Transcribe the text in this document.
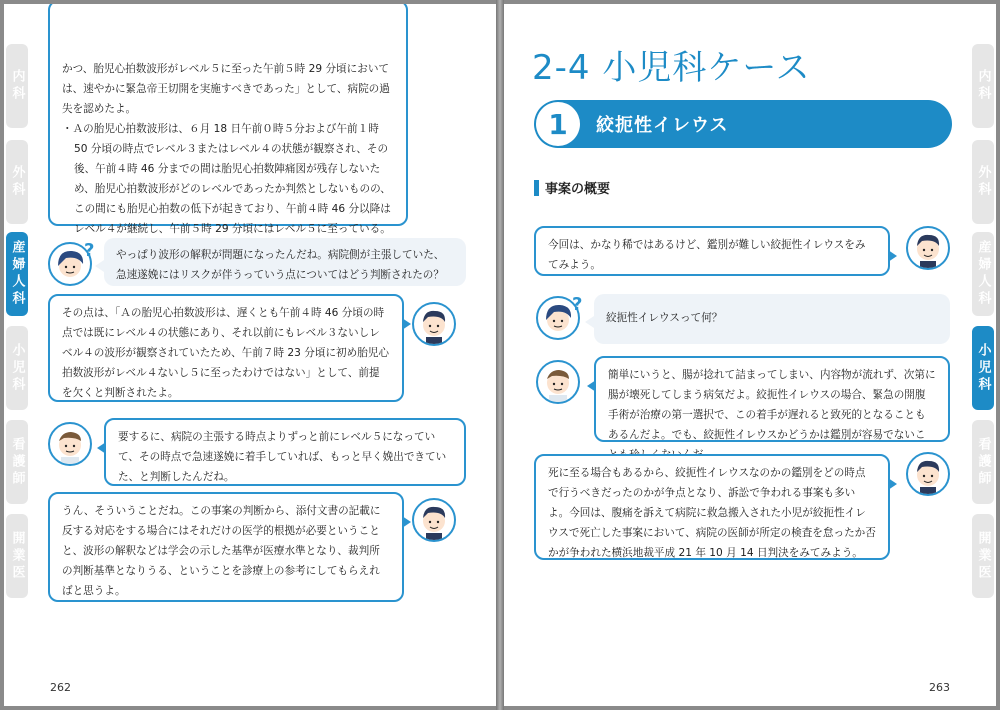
内科
外科
産婦人科
小児科
看護師
開業医

かつ、胎児心拍数波形がレベル５に至った午前５時 29 分頃においては、速やかに緊急帝王切開を実施すべきであった」として、病院の過失を認めたよ。

・Ａの胎児心拍数波形は、６月 18 日午前０時５分および午前１時 50 分頃の時点でレベル３またはレベル４の状態が観察され、その後、午前４時 46 分までの間は胎児心拍数陣痛図が残存しないため、胎児心拍数波形がどのレベルであったか判然としないものの、この間にも胎児心拍数の低下が起きており、午前４時 46 分以降はレベル４が継続し、午前５時 29 分頃にはレベル５に至っている。

? やっぱり波形の解釈が問題になったんだね。病院側が主張していた、急速遂娩にはリスクが伴うっていう点についてはどう判断されたの？

その点は、「Ａの胎児心拍数波形は、遅くとも午前４時 46 分頃の時点では既にレベル４の状態にあり、それ以前にもレベル３ないしレベル４の波形が観察されていたため、午前７時 23 分頃に初め胎児心拍数波形がレベル４ないし５に至ったわけではない」として、前提を欠くと判断されたよ。

要するに、病院の主張する時点よりずっと前にレベル５になっていて、その時点で急速遂娩に着手していれば、もっと早く娩出できていた、と判断したんだね。

うん、そういうことだね。この事案の判断から、添付文書の記載に反する対応をする場合にはそれだけの医学的根拠が必要ということと、波形の解釈などは学会の示した基準が医療水準となり、裁判所の判断基準となりうる、ということを診療上の参考にしてもらえればと思うよ。

262
内科
外科
産婦人科
小児科
看護師
開業医
2-4 小児科ケース
1	絞扼性イレウス
事案の概要

今回は、かなり稀ではあるけど、鑑別が難しい絞扼性イレウスをみてみよう。

?

絞扼性イレウスって何？

簡単にいうと、腸が捻れて詰まってしまい、内容物が流れず、次第に腸が壊死してしまう病気だよ。絞扼性イレウスの場合、緊急の開腹手術が治療の第一選択で、この着手が遅れると致死的となることもあるんだよ。でも、絞扼性イレウスかどうかは鑑別が容易でないこ

死に至る場合もあるから、絞扼性イレウスなのかの鑑別をどの時点で行うべきだったのかが争点となり、訴訟で争われる事案も多いよ。今回は、腹痛を訴えて病院に救急搬入された小児が絞扼性イレウスで死亡した事案において、病院の医師が所定の検査を怠ったか否かが争われた横浜地裁平成 21 年 10 月 14 日判決をみてみよう。

263
